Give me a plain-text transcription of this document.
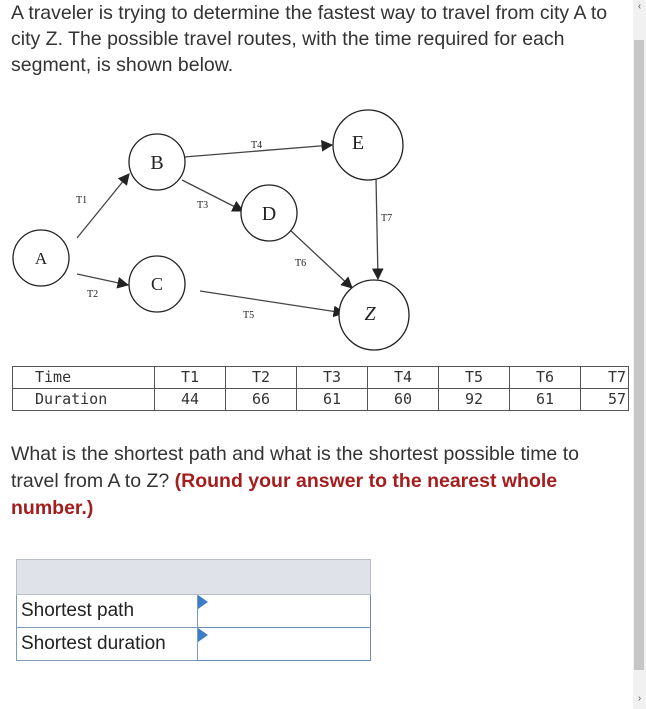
A traveler is trying to determine the fastest way to travel from city A to city Z. The possible travel routes, with the time required for each segment, is shown below.

T1
T2
T3
T4
T5
T6
T7
A
B
C
D
E
Z
Time	T1	T2	T3	T4	T5	T6	T7
Duration	44	66	61	60	92	61	57

What is the shortest path and what is the shortest possible time to travel from A to Z? (Round your answer to the nearest whole number.)

Shortest path	

Shortest duration	
‹
›
